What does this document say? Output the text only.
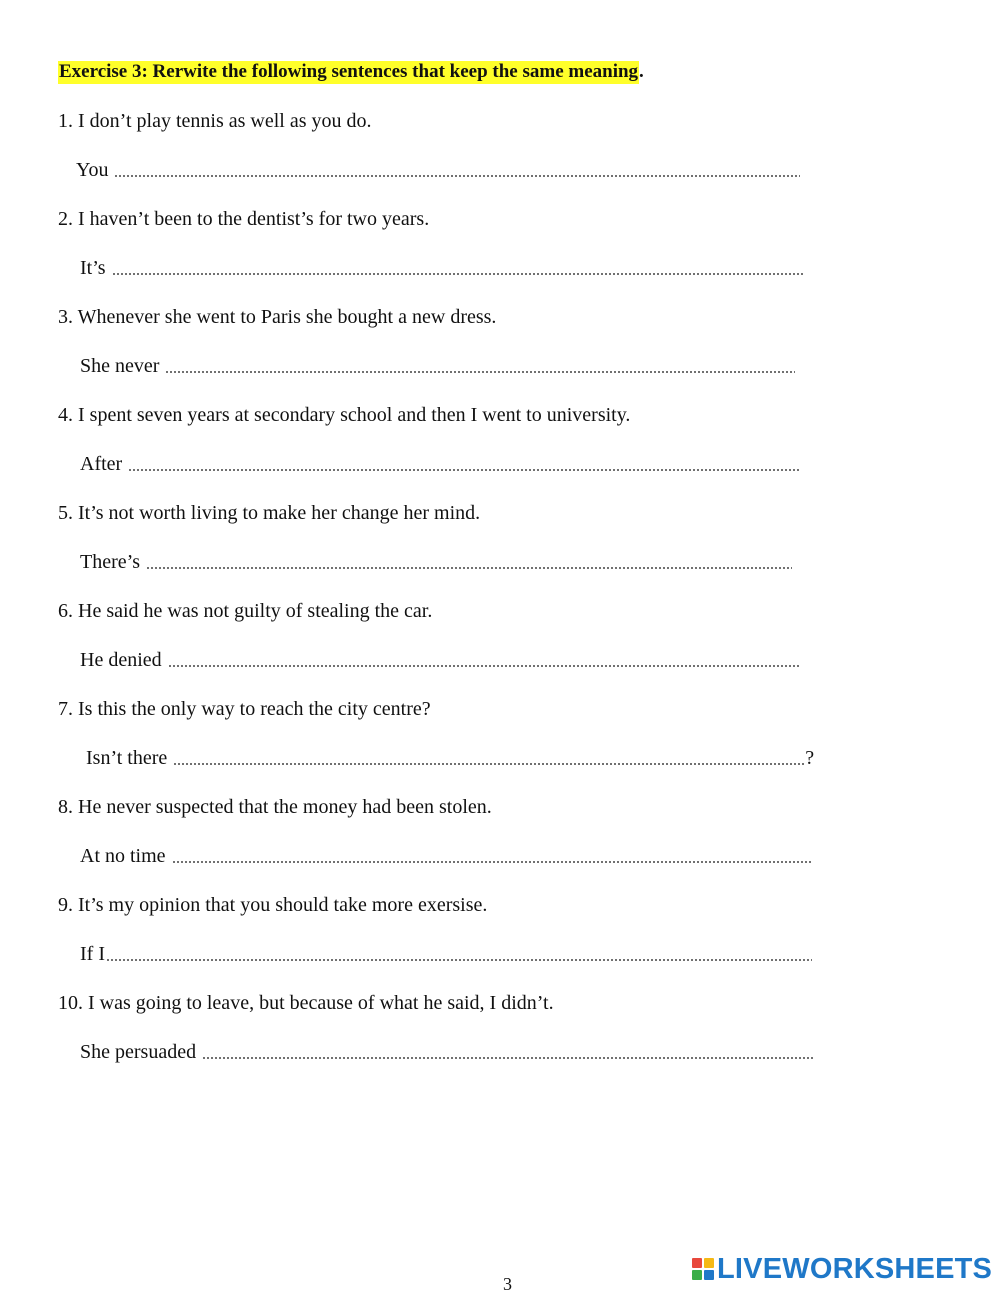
Exercise 3: Rerwite the following sentences that keep the same meaning.
1. I don’t play tennis as well as you do.
You
2. I haven’t been to the dentist’s for two years.
It’s
3. Whenever she went to Paris she bought a new dress.
She never
4. I spent seven years at secondary school and then I went to university.
After
5. It’s not worth living to make her change her mind.
There’s
6. He said he was not guilty of stealing the car.
He denied
7. Is this the only way to reach the city centre?
Isn’t there	?
8. He never suspected that the money had been stolen.
At no time
9. It’s my opinion that you should take more exersise.
If I
10. I was going to leave, but because of what he said, I didn’t.
She persuaded
3	LIVEWORKSHEETS
